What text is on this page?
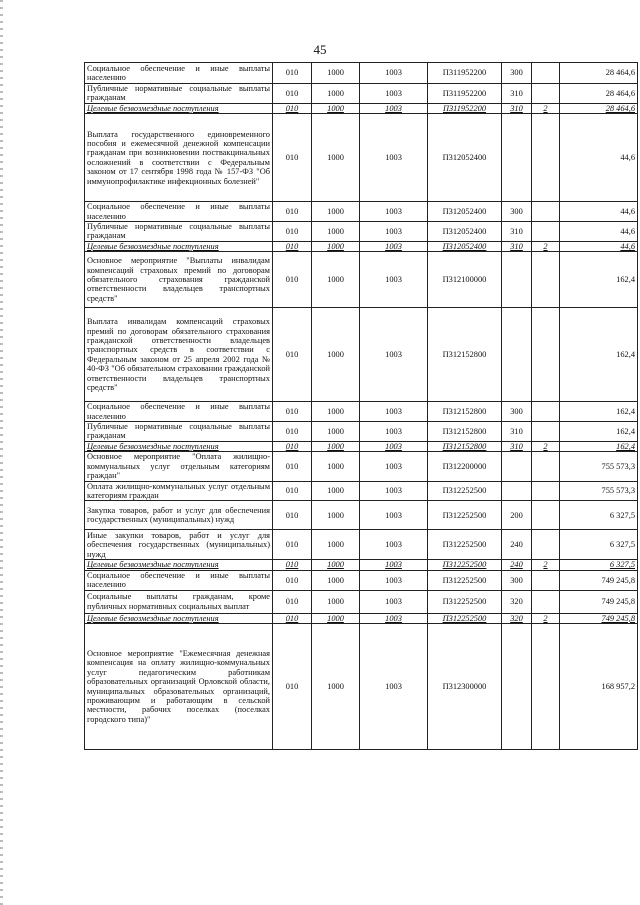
45
Социальное обеспечение и иные выплаты населению	010	1000	1003	П311952200	300		28 464,6
Публичные нормативные социальные выплаты гражданам	010	1000	1003	П311952200	310		28 464,6
Целевые безвозмездные поступления	010	1000	1003	П311952200	310	2	28 464,6
Выплата государственного единовременного пособия и ежемесячной денежной компенсации гражданам при возникновении поствакцинальных осложнений в соответствии с Федеральным законом от 17 сентября 1998 года № 157-ФЗ "Об иммунопрофилактике инфекционных болезней"	010	1000	1003	П312052400			44,6
Социальное обеспечение и иные выплаты населению	010	1000	1003	П312052400	300		44,6
Публичные нормативные социальные выплаты гражданам	010	1000	1003	П312052400	310		44,6
Целевые безвозмездные поступления	010	1000	1003	П312052400	310	2	44,6
Основное мероприятие "Выплаты инвалидам компенсаций страховых премий по договорам обязательного страхования гражданской ответственности владельцев транспортных средств"	010	1000	1003	П312100000			162,4
Выплата инвалидам компенсаций страховых премий по договорам обязательного страхования гражданской ответственности владельцев транспортных средств в соответствии с Федеральным законом от 25 апреля 2002 года № 40-ФЗ "Об обязательном страховании гражданской ответственности владельцев транспортных средств"	010	1000	1003	П312152800			162,4
Социальное обеспечение и иные выплаты населению	010	1000	1003	П312152800	300		162,4
Публичные нормативные социальные выплаты гражданам	010	1000	1003	П312152800	310		162,4
Целевые безвозмездные поступления	010	1000	1003	П312152800	310	2	162,4
Основное мероприятие "Оплата жилищно-коммунальных услуг отдельным категориям граждан"	010	1000	1003	П312200000			755 573,3
Оплата жилищно-коммунальных услуг отдельным категориям граждан	010	1000	1003	П312252500			755 573,3
Закупка товаров, работ и услуг для обеспечения государственных (муниципальных) нужд	010	1000	1003	П312252500	200		6 327,5
Иные закупки товаров, работ и услуг для обеспечения государственных (муниципальных) нужд	010	1000	1003	П312252500	240		6 327,5
Целевые безвозмездные поступления	010	1000	1003	П312252500	240	2	6 327,5
Социальное обеспечение и иные выплаты населению	010	1000	1003	П312252500	300		749 245,8
Социальные выплаты гражданам, кроме публичных нормативных социальных выплат	010	1000	1003	П312252500	320		749 245,8
Целевые безвозмездные поступления	010	1000	1003	П312252500	320	2	749 245,8
Основное мероприятие "Ежемесячная денежная компенсация на оплату жилищно-коммунальных услуг педагогическим работникам образовательных организаций Орловской области, муниципальных образовательных организаций, проживающим и работающим в сельской местности, рабочих поселках (поселках городского типа)"	010	1000	1003	П312300000			168 957,2
